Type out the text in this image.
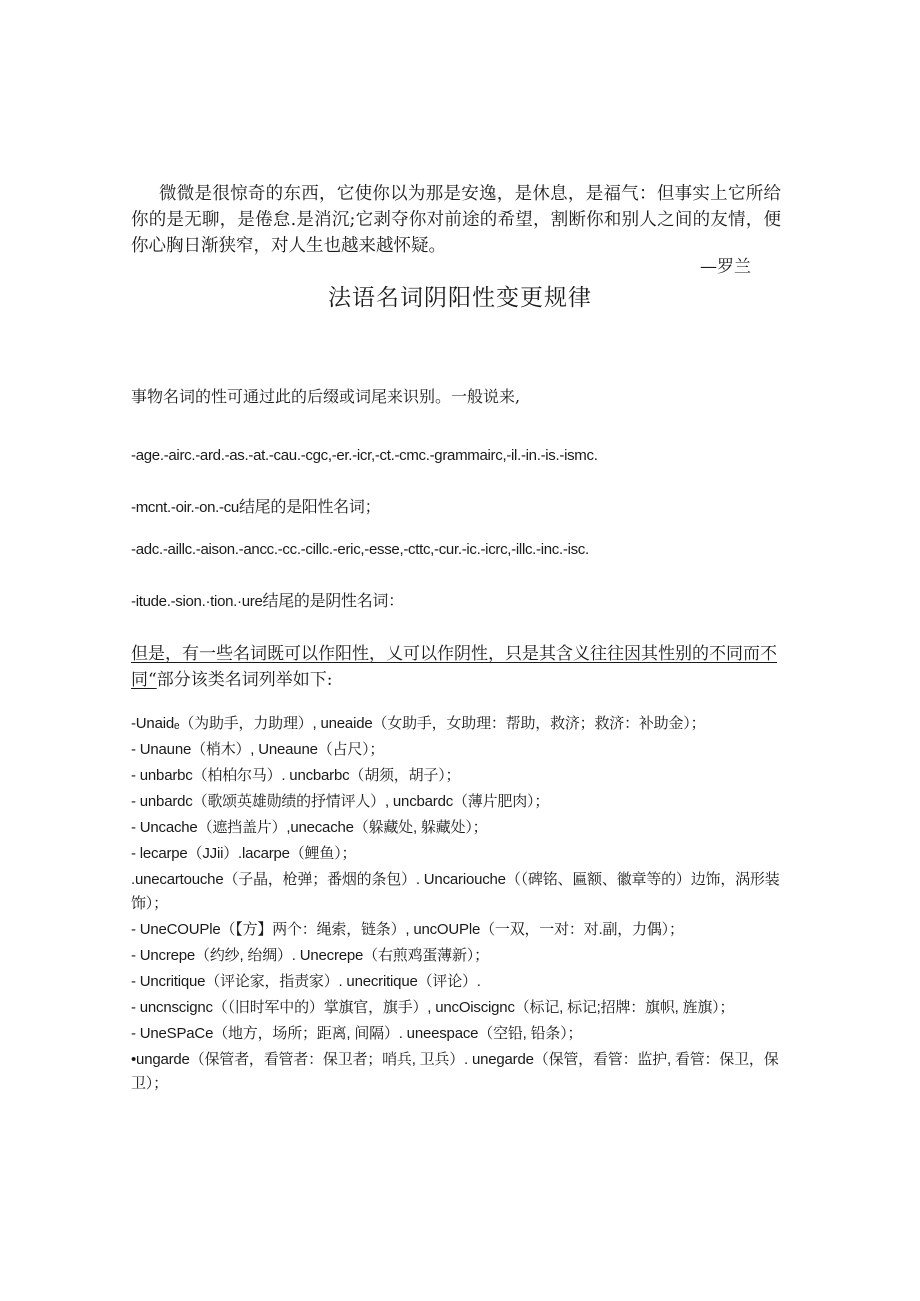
微微是很惊奇的东西，它使你以为那是安逸，是休息，是福气：但事实上它所给你的是无聊，是倦怠.是消沉;它剥夺你对前途的希望，割断你和别人之间的友情，便你心胸日渐狭窄，对人生也越来越怀疑。

—罗兰

法语名词阴阳性变更规律

事物名词的性可通过此的后缀或词尾来识别。一般说来,

-age.-airc.-ard.-as.-at.-cau.-cgc,-er.-icr,-ct.-cmc.-grammairc,-il.-in.-is.-ismc.

-mcnt.-oir.-on.-cu结尾的是阳性名词；

-adc.-aillc.-aison.-ancc.-cc.-cillc.-eric,-esse,-cttc,-cur.-ic.-icrc,-illc.-inc.-isc.

-itude.-sion.·tion.·ure结尾的是阴性名词：

但是，有一些名词既可以作阳性，乂可以作阴性，只是其含义往往因其性别的不同而不同“部分该类名词列举如下:

-Unaidₑ（为助手，力助理）, uneaide（女助手，女助理：帮助，救济；救济：补助金）；
- Unaune（梢木）, Uneaune（占尺）；
- unbarbc（柏柏尔马）. uncbarbc（胡须，胡子）；
- unbardc（歌颂英雄勋绩的抒情评人）, uncbardc（薄片肥肉）；
- Uncache（遮挡盖片）,unecache（躲藏处, 躲藏处）；
- lecarpe（JJii）.lacarpe（鲤鱼）；
.unecartouche（子晶，枪弹；番烟的条包）. Uncariouche（（碑铭、匾额、徽章等的）边饰，涡形装饰）；
- UneCOUPle（【方】两个：绳索，链条）, uncOUPle（一双，一对：对.副，力偶）；
- Uncrepe（约纱, 绐绸）. Unecrepe（右煎鸡蛋薄新）；
- Uncritique（评论家，指责家）. unecritique（评论）.
- uncnscignc（（旧时军中的）掌旗官，旗手）, uncOiscignc（标记, 标记;招牌：旗帜, 旌旗）；
- UneSPaCe（地方，场所；距离, 间隔）. uneespace（空铅, 铅条）；
•ungarde（保管者，看管者：保卫者；哨兵, 卫兵）. unegarde（保管，看管：监护, 看管：保卫，保卫）；
